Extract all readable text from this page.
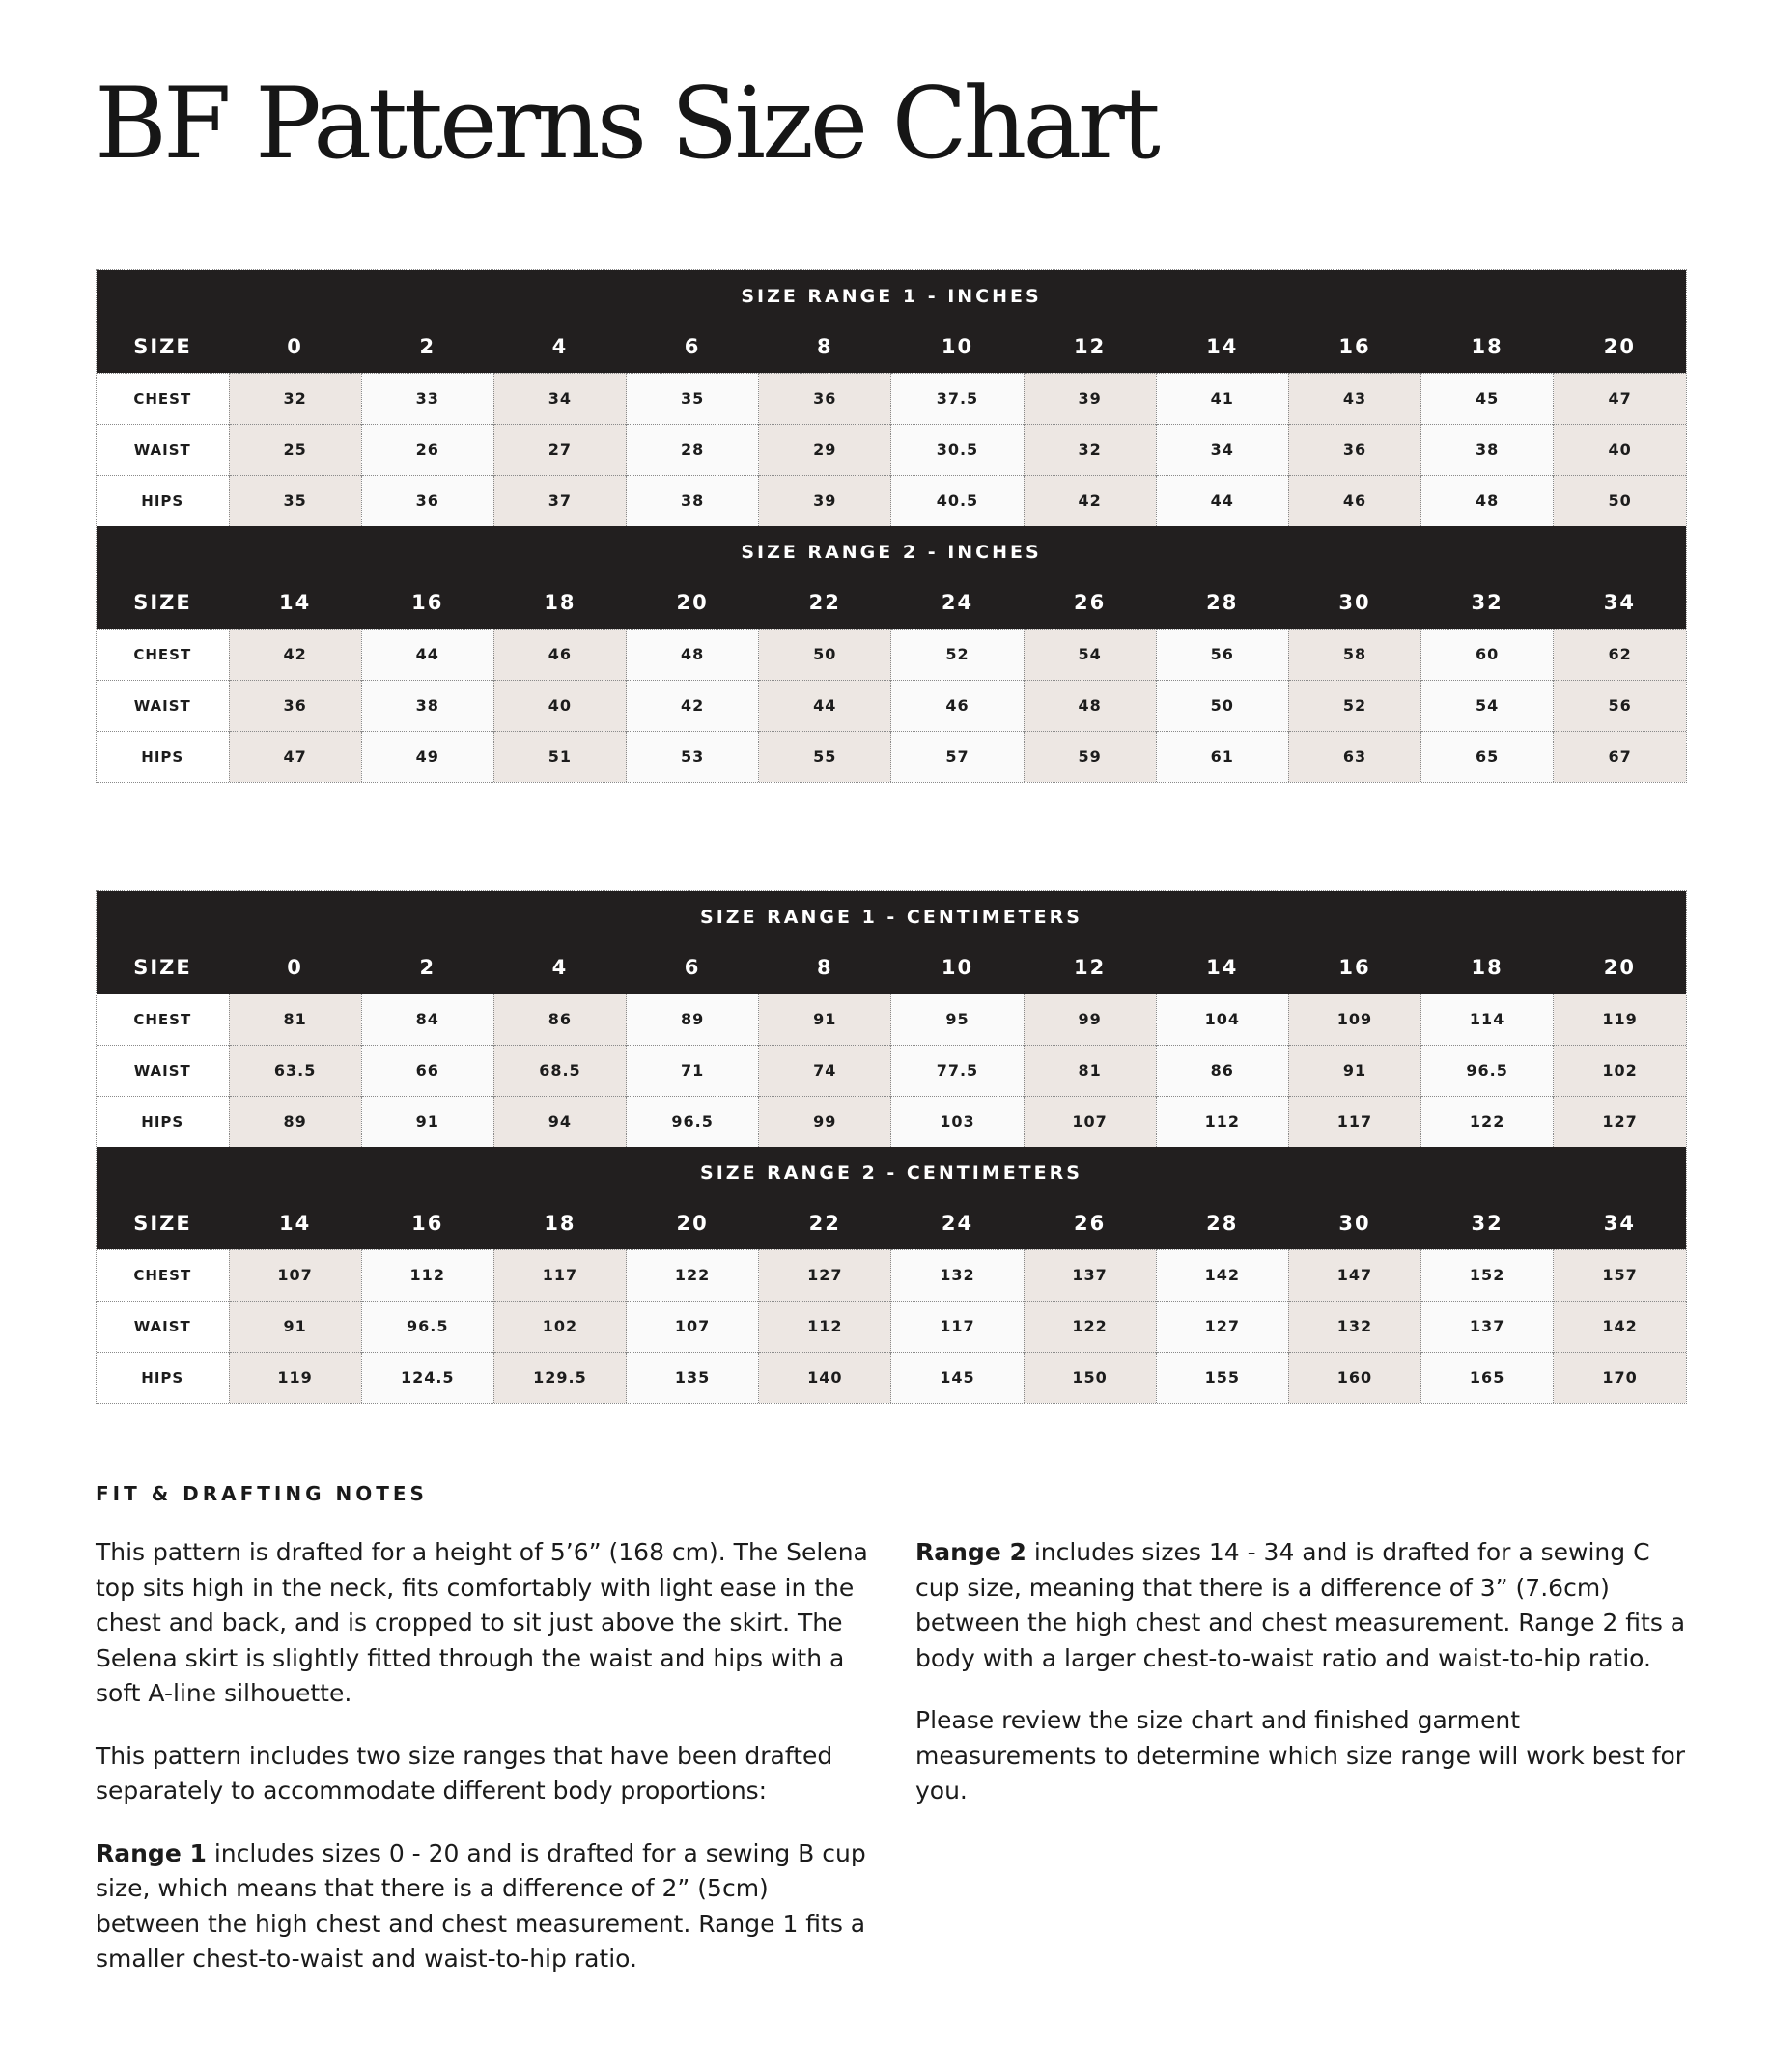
BF Patterns Size Chart
SIZE RANGE 1 - INCHES											
SIZE	0	2	4	6	8	10	12	14	16	18	20
CHEST	32	33	34	35	36	37.5	39	41	43	45	47
WAIST	25	26	27	28	29	30.5	32	34	36	38	40
HIPS	35	36	37	38	39	40.5	42	44	46	48	50
SIZE RANGE 2 - INCHES											
SIZE	14	16	18	20	22	24	26	28	30	32	34
CHEST	42	44	46	48	50	52	54	56	58	60	62
WAIST	36	38	40	42	44	46	48	50	52	54	56
HIPS	47	49	51	53	55	57	59	61	63	65	67
SIZE RANGE 1 - CENTIMETERS											
SIZE	0	2	4	6	8	10	12	14	16	18	20
CHEST	81	84	86	89	91	95	99	104	109	114	119
WAIST	63.5	66	68.5	71	74	77.5	81	86	91	96.5	102
HIPS	89	91	94	96.5	99	103	107	112	117	122	127
SIZE RANGE 2 - CENTIMETERS											
SIZE	14	16	18	20	22	24	26	28	30	32	34
CHEST	107	112	117	122	127	132	137	142	147	152	157
WAIST	91	96.5	102	107	112	117	122	127	132	137	142
HIPS	119	124.5	129.5	135	140	145	150	155	160	165	170
FIT & DRAFTING NOTES

This pattern is drafted for a height of 5’6” (168 cm). The Selena top sits high in the neck, fits comfortably with light ease in the chest and back, and is cropped to sit just above the skirt. The Selena skirt is slightly fitted through the waist and hips with a soft A-line silhouette.

This pattern includes two size ranges that have been drafted separately to accommodate different body proportions:

Range 1 includes sizes 0 - 20 and is drafted for a sewing B cup size, which means that there is a difference of 2” (5cm) between the high chest and chest measurement. Range 1 fits a smaller chest-to-waist and waist-to-hip ratio.

Range 2 includes sizes 14 - 34 and is drafted for a sewing C cup size, meaning that there is a difference of 3” (7.6cm) between the high chest and chest measurement. Range 2 fits a body with a larger chest-to-waist ratio and waist-to-hip ratio.

Please review the size chart and finished garment measurements to determine which size range will work best for you.
